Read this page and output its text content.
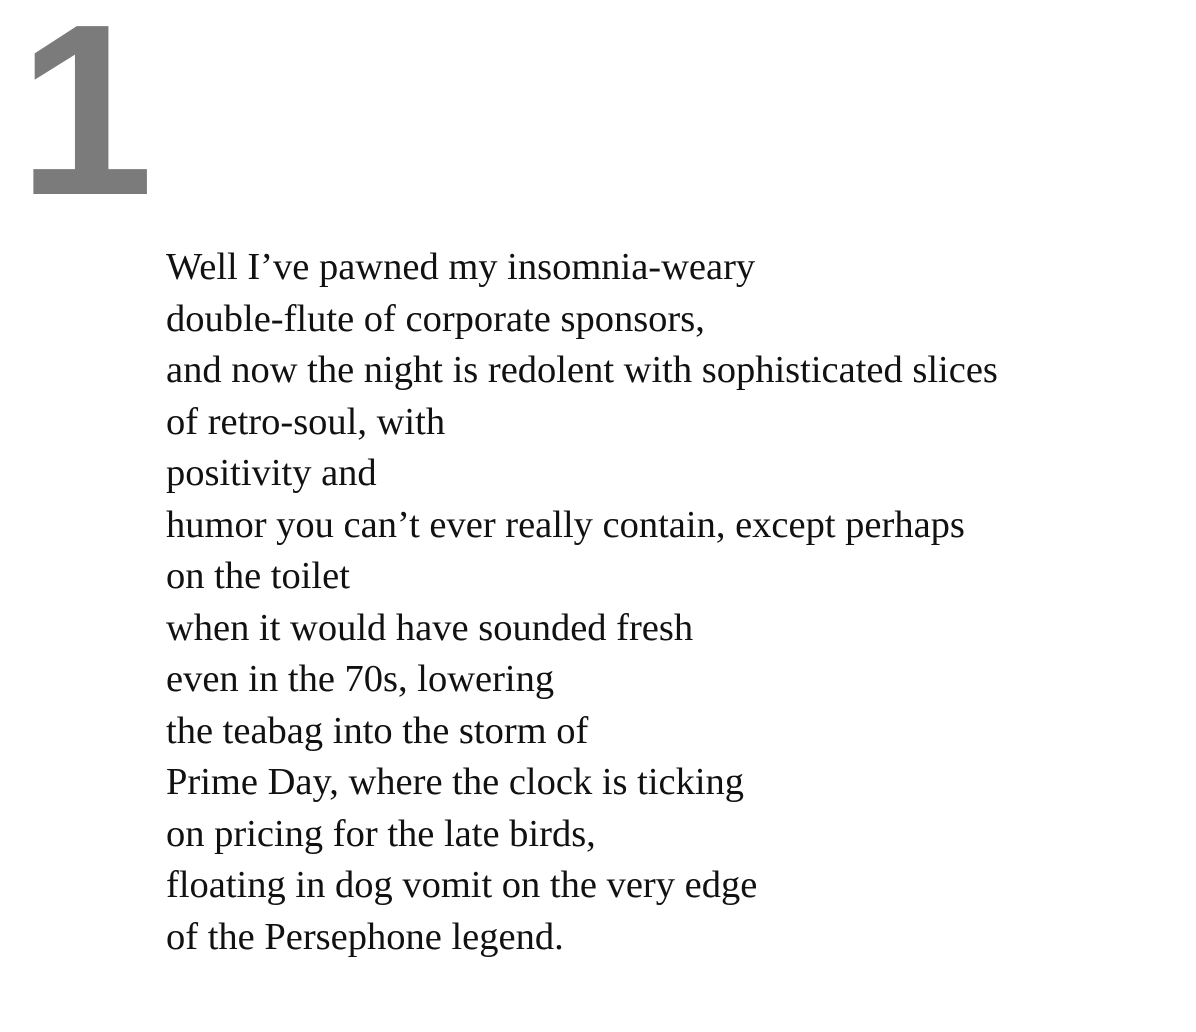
1
Well I’ve pawned my insomnia-weary
double-flute of corporate sponsors,
and now the night is redolent with sophisticated slices
of retro-soul, with
positivity and
humor you can’t ever really contain, except perhaps
on the toilet
when it would have sounded fresh
even in the 70s, lowering
the teabag into the storm of
Prime Day, where the clock is ticking
on pricing for the late birds,
floating in dog vomit on the very edge
of the Persephone legend.
